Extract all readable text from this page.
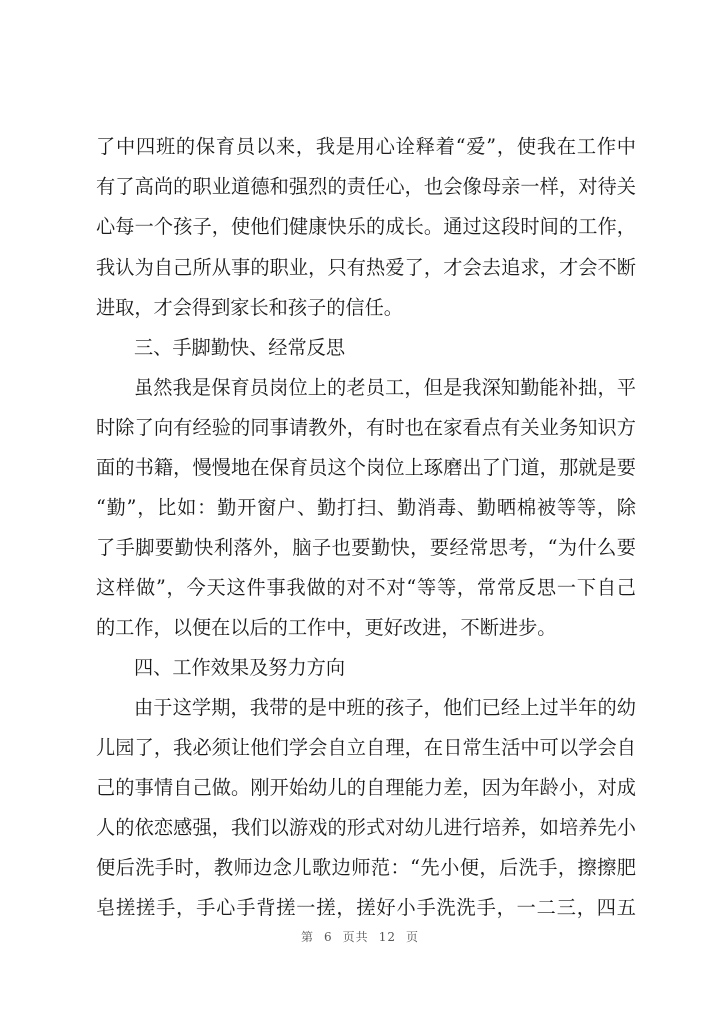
了中四班的保育员以来，我是用心诠释着“爱”，使我在工作中
有了高尚的职业道德和强烈的责任心，也会像母亲一样，对待关
心每一个孩子，使他们健康快乐的成长。通过这段时间的工作，
我认为自己所从事的职业，只有热爱了，才会去追求，才会不断
进取，才会得到家长和孩子的信任。
三、手脚勤快、经常反思
虽然我是保育员岗位上的老员工，但是我深知勤能补拙，平
时除了向有经验的同事请教外，有时也在家看点有关业务知识方
面的书籍，慢慢地在保育员这个岗位上琢磨出了门道，那就是要
“勤”，比如：勤开窗户、勤打扫、勤消毒、勤晒棉被等等，除
了手脚要勤快利落外，脑子也要勤快，要经常思考，“为什么要
这样做”，今天这件事我做的对不对“等等，常常反思一下自己
的工作，以便在以后的工作中，更好改进，不断进步。
四、工作效果及努力方向
由于这学期，我带的是中班的孩子，他们已经上过半年的幼
儿园了，我必须让他们学会自立自理，在日常生活中可以学会自
己的事情自己做。刚开始幼儿的自理能力差，因为年龄小，对成
人的依恋感强，我们以游戏的形式对幼儿进行培养，如培养先小
便后洗手时，教师边念儿歌边师范：“先小便，后洗手，擦擦肥
皂搓搓手，手心手背搓一搓，搓好小手洗洗手，一二三，四五
第 6 页共 12 页
